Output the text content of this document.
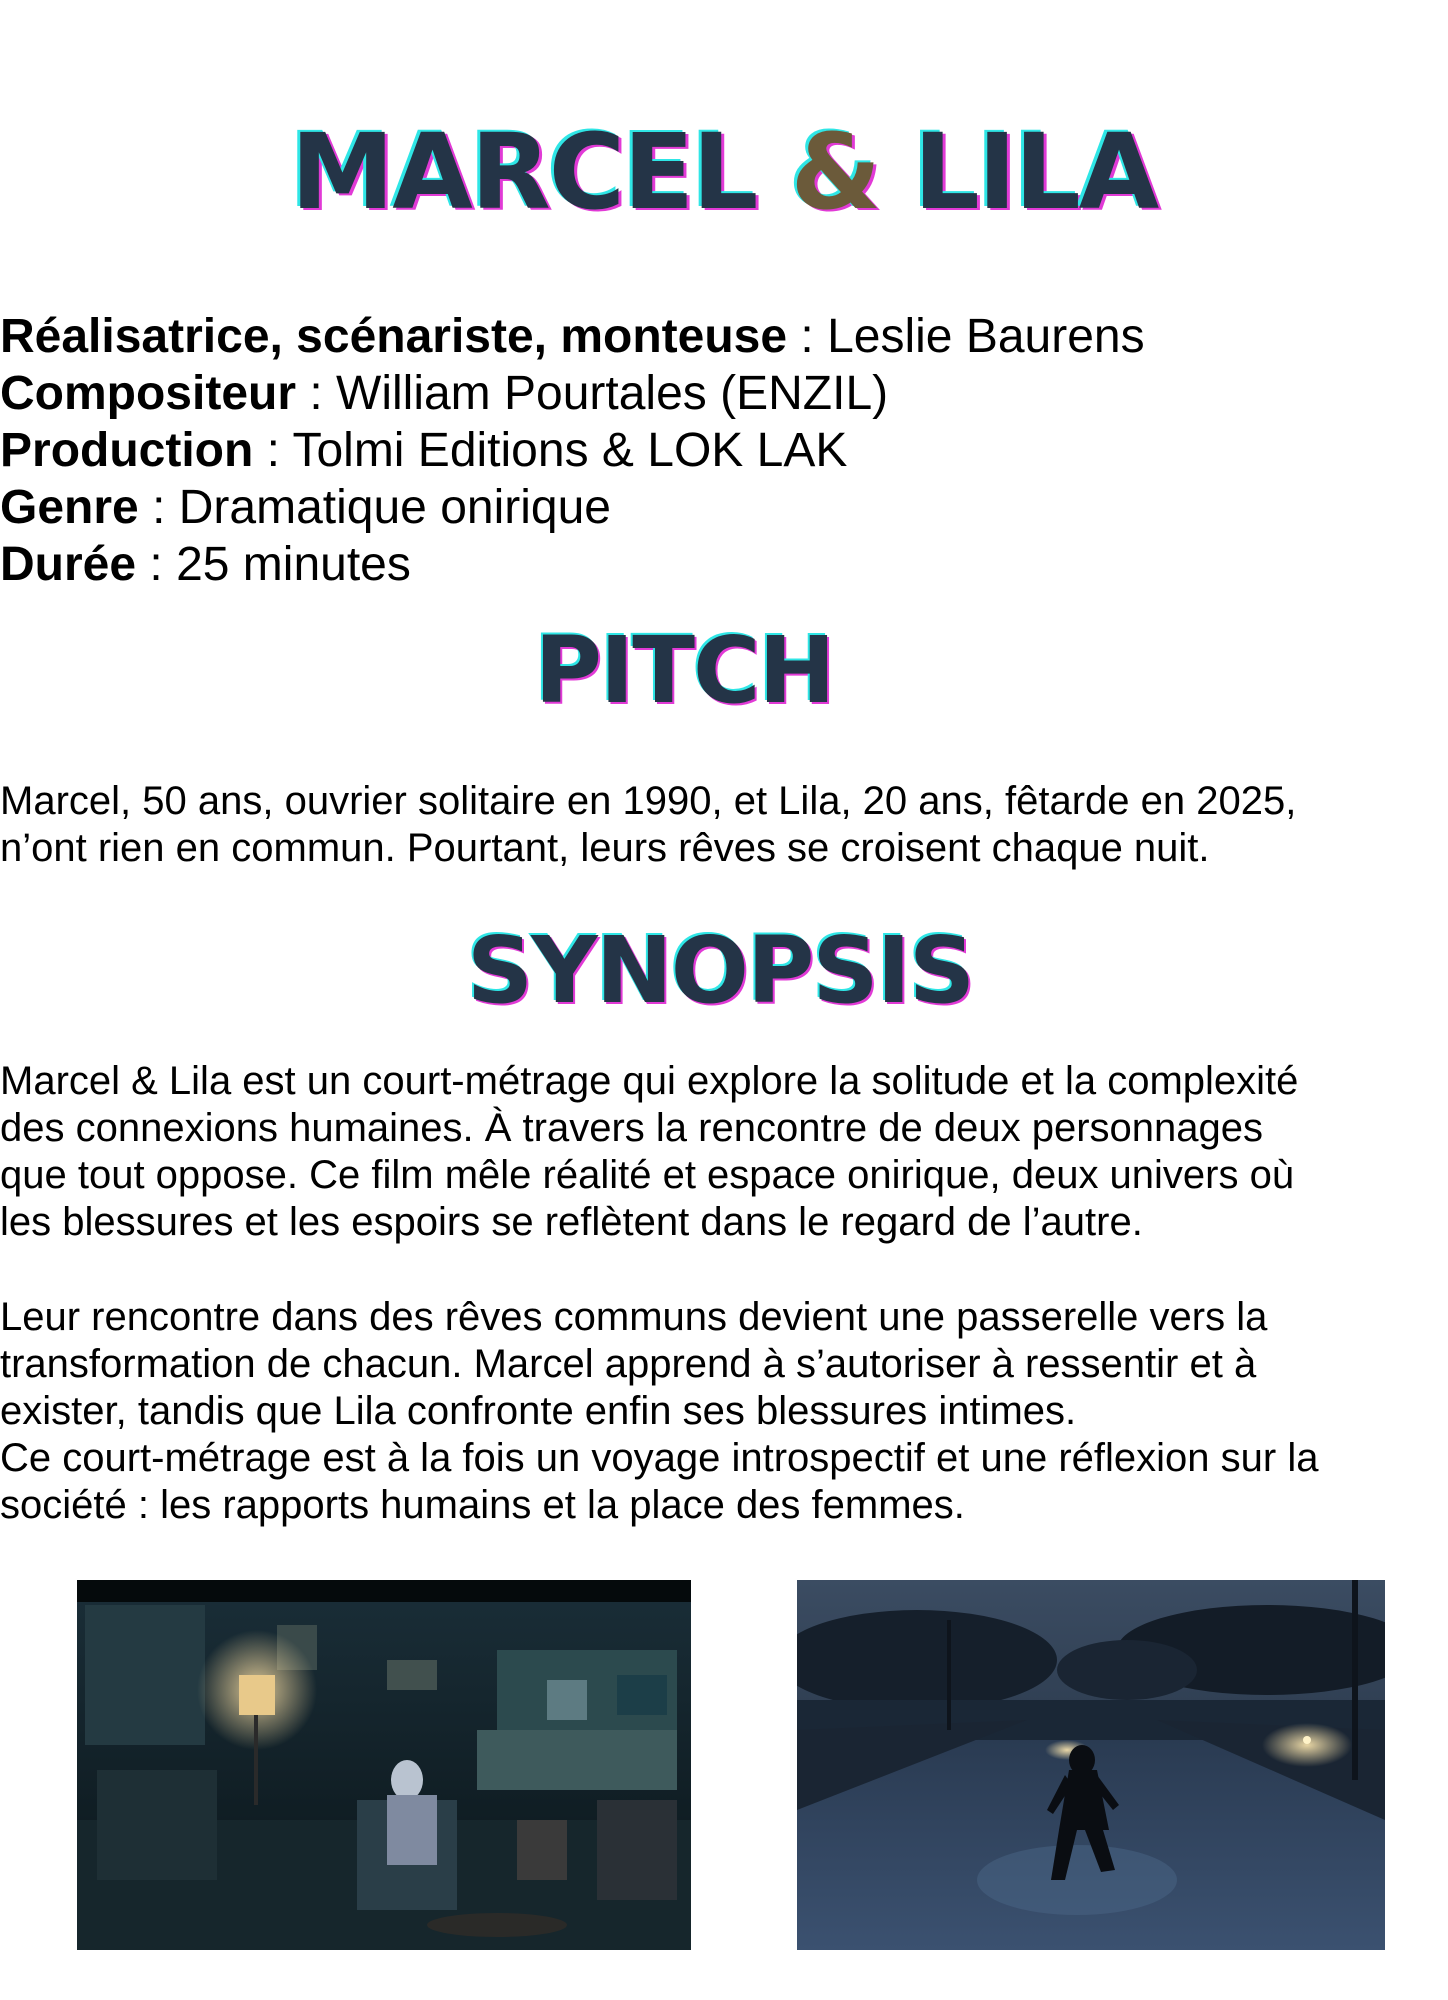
MARCEL & LILA
Réalisatrice, scénariste, monteuse : Leslie Baurens
Compositeur : William Pourtales (ENZIL)
Production : Tolmi Editions & LOK LAK
Genre : Dramatique onirique
Durée : 25 minutes
PITCH

Marcel, 50 ans, ouvrier solitaire en 1990, et Lila, 20 ans, fêtarde en 2025,
n’ont rien en commun. Pourtant, leurs rêves se croisent chaque nuit.

SYNOPSIS

Marcel & Lila est un court-métrage qui explore la solitude et la complexité
des connexions humaines. À travers la rencontre de deux personnages
que tout oppose. Ce film mêle réalité et espace onirique, deux univers où
les blessures et les espoirs se reflètent dans le regard de l’autre.

Leur rencontre dans des rêves communs devient une passerelle vers la
transformation de chacun. Marcel apprend à s’autoriser à ressentir et à
exister, tandis que Lila confronte enfin ses blessures intimes.
Ce court-métrage est à la fois un voyage introspectif et une réflexion sur la
société : les rapports humains et la place des femmes.
